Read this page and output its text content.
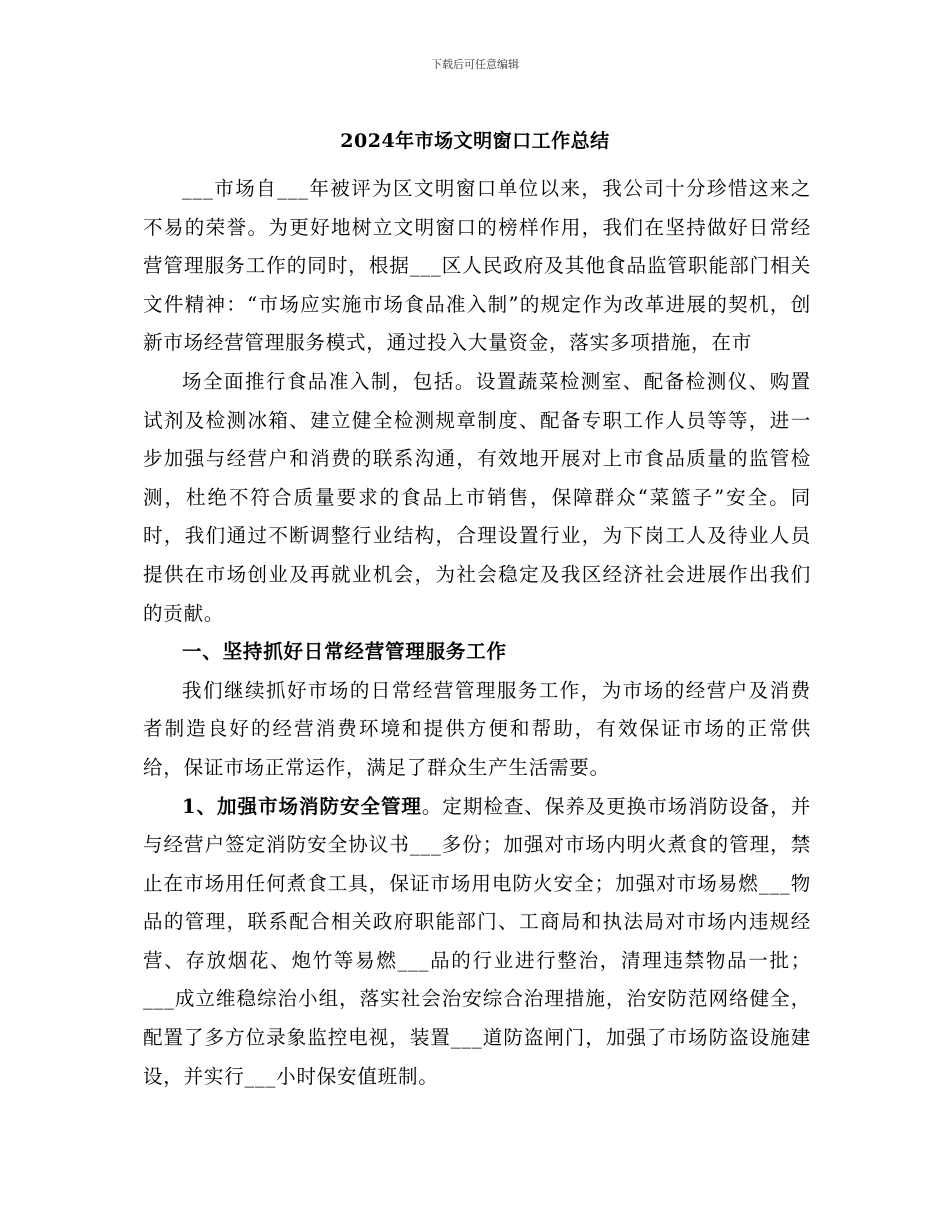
下载后可任意编辑
2024年市场文明窗口工作总结

___市场自___年被评为区文明窗口单位以来，我公司十分珍惜这来之不易的荣誉。为更好地树立文明窗口的榜样作用，我们在坚持做好日常经营管理服务工作的同时，根据___区人民政府及其他食品监管职能部门相关文件精神：“市场应实施市场食品准入制”的规定作为改革进展的契机，创新市场经营管理服务模式，通过投入大量资金，落实多项措施，在市

场全面推行食品准入制，包括。设置蔬菜检测室、配备检测仪、购置试剂及检测冰箱、建立健全检测规章制度、配备专职工作人员等等，进一步加强与经营户和消费的联系沟通，有效地开展对上市食品质量的监管检测，杜绝不符合质量要求的食品上市销售，保障群众“菜篮子”安全。同时，我们通过不断调整行业结构，合理设置行业，为下岗工人及待业人员提供在市场创业及再就业机会，为社会稳定及我区经济社会进展作出我们的贡献。

一、坚持抓好日常经营管理服务工作

我们继续抓好市场的日常经营管理服务工作，为市场的经营户及消费者制造良好的经营消费环境和提供方便和帮助，有效保证市场的正常供给，保证市场正常运作，满足了群众生产生活需要。

1、加强市场消防安全管理。定期检查、保养及更换市场消防设备，并与经营户签定消防安全协议书___多份；加强对市场内明火煮食的管理，禁止在市场用任何煮食工具，保证市场用电防火安全；加强对市场易燃___物品的管理，联系配合相关政府职能部门、工商局和执法局对市场内违规经营、存放烟花、炮竹等易燃___品的行业进行整治，清理违禁物品一批；___成立维稳综治小组，落实社会治安综合治理措施，治安防范网络健全，配置了多方位录象监控电视，装置___道防盗闸门，加强了市场防盗设施建设，并实行___小时保安值班制。
